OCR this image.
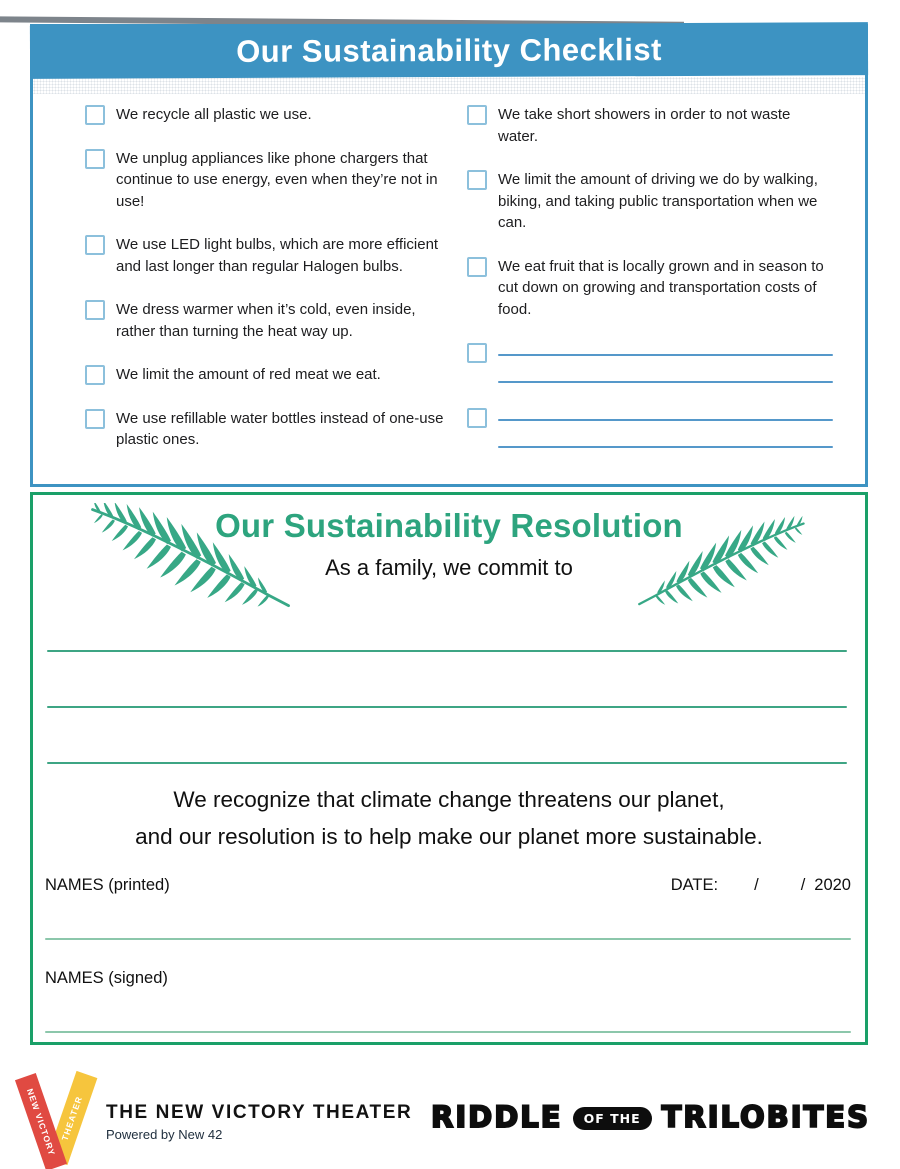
Our Sustainability Checklist
We recycle all plastic we use.
We unplug appliances like phone chargers that continue to use energy, even when they’re not in use!
We use LED light bulbs, which are more efficient and last longer than regular Halogen bulbs.
We dress warmer when it’s cold, even inside, rather than turning the heat way up.
We limit the amount of red meat we eat.
We use refillable water bottles instead of one-use plastic ones.
We take short showers in order to not waste water.
We limit the amount of driving we do by walking, biking, and taking public transportation when we can.
We eat fruit that is locally grown and in season to cut down on growing and transportation costs of food.
Our Sustainability Resolution
As a family, we commit to
We recognize that climate change threatens our planet,
and our resolution is to help make our planet more sustainable.
NAMES (printed)	DATE: /	/ 2020
NAMES (signed)
NEW VICTORY THEATER THE NEW VICTORY THEATER
Powered by New 42
RIDDLE	OF THE TRILOBITES
